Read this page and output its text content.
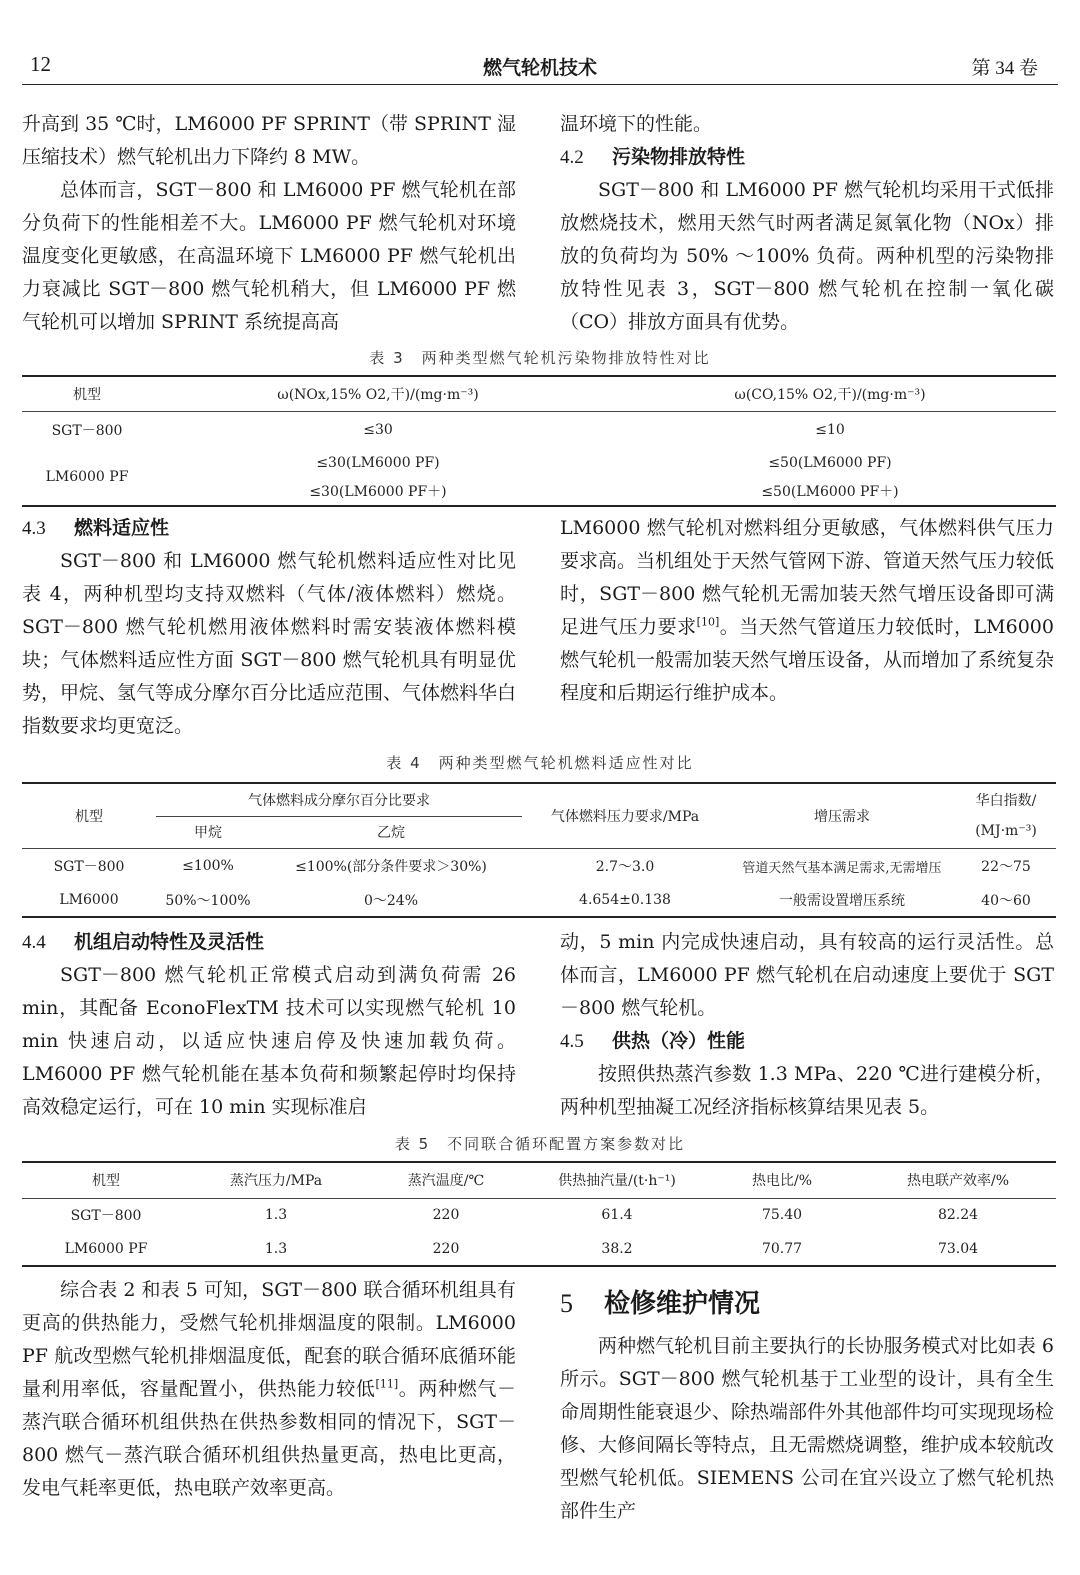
12	燃气轮机技术	第 34 卷

升高到 35 ℃时，LM6000 PF SPRINT（带 SPRINT 湿压缩技术）燃气轮机出力下降约 8 MW。

总体而言，SGT－800 和 LM6000 PF 燃气轮机在部分负荷下的性能相差不大。LM6000 PF 燃气轮机对环境温度变化更敏感，在高温环境下 LM6000 PF 燃气轮机出力衰减比 SGT－800 燃气轮机稍大，但 LM6000 PF 燃气轮机可以增加 SPRINT 系统提高高

温环境下的性能。

4.2 污染物排放特性

SGT－800 和 LM6000 PF 燃气轮机均采用干式低排放燃烧技术，燃用天然气时两者满足氮氧化物（NOx）排放的负荷均为 50% ～100% 负荷。两种机型的污染物排放特性见表 3，SGT－800 燃气轮机在控制一氧化碳（CO）排放方面具有优势。

表 3　两种类型燃气轮机污染物排放特性对比
机型	ω(NOx,15% O2,干)/(mg·m⁻³)	ω(CO,15% O2,干)/(mg·m⁻³)
SGT－800	≤30	≤10
LM6000 PF	≤30(LM6000 PF)	≤50(LM6000 PF)
	≤30(LM6000 PF＋)	≤50(LM6000 PF＋)
4.3 燃料适应性

SGT－800 和 LM6000 燃气轮机燃料适应性对比见表 4，两种机型均支持双燃料（气体/液体燃料）燃烧。SGT－800 燃气轮机燃用液体燃料时需安装液体燃料模块；气体燃料适应性方面 SGT－800 燃气轮机具有明显优势，甲烷、氢气等成分摩尔百分比适应范围、气体燃料华白指数要求均更宽泛。

LM6000 燃气轮机对燃料组分更敏感，气体燃料供气压力要求高。当机组处于天然气管网下游、管道天然气压力较低时，SGT－800 燃气轮机无需加装天然气增压设备即可满足进气压力要求[10]。当天然气管道压力较低时，LM6000 燃气轮机一般需加装天然气增压设备，从而增加了系统复杂程度和后期运行维护成本。

表 4　两种类型燃气轮机燃料适应性对比
机型	气体燃料成分摩尔百分比要求		气体燃料压力要求/MPa	增压需求	华白指数/
(MJ·m⁻³)
	甲烷	乙烷			
SGT－800	≤100%	≤100%(部分条件要求＞30%)	2.7～3.0	管道天然气基本满足需求,无需增压	22～75
LM6000	50%～100%	0～24%	4.654±0.138	一般需设置增压系统	40～60
4.4 机组启动特性及灵活性

SGT－800 燃气轮机正常模式启动到满负荷需 26 min，其配备 EconoFlexTM 技术可以实现燃气轮机 10 min 快速启动，以适应快速启停及快速加载负荷。LM6000 PF 燃气轮机能在基本负荷和频繁起停时均保持高效稳定运行，可在 10 min 实现标准启

动，5 min 内完成快速启动，具有较高的运行灵活性。总体而言，LM6000 PF 燃气轮机在启动速度上要优于 SGT－800 燃气轮机。

4.5 供热（冷）性能

按照供热蒸汽参数 1.3 MPa、220 ℃进行建模分析，两种机型抽凝工况经济指标核算结果见表 5。

表 5　不同联合循环配置方案参数对比
机型	蒸汽压力/MPa	蒸汽温度/℃	供热抽汽量/(t·h⁻¹)	热电比/%	热电联产效率/%
SGT－800	1.3	220	61.4	75.40	82.24
LM6000 PF	1.3	220	38.2	70.77	73.04

综合表 2 和表 5 可知，SGT－800 联合循环机组具有更高的供热能力，受燃气轮机排烟温度的限制。LM6000 PF 航改型燃气轮机排烟温度低，配套的联合循环底循环能量利用率低，容量配置小，供热能力较低[11]。两种燃气－蒸汽联合循环机组供热在供热参数相同的情况下，SGT－800 燃气－蒸汽联合循环机组供热量更高，热电比更高，发电气耗率更低，热电联产效率更高。

5 检修维护情况

两种燃气轮机目前主要执行的长协服务模式对比如表 6 所示。SGT－800 燃气轮机基于工业型的设计，具有全生命周期性能衰退少、除热端部件外其他部件均可实现现场检修、大修间隔长等特点，且无需燃烧调整，维护成本较航改型燃气轮机低。SIEMENS 公司在宜兴设立了燃气轮机热部件生产
